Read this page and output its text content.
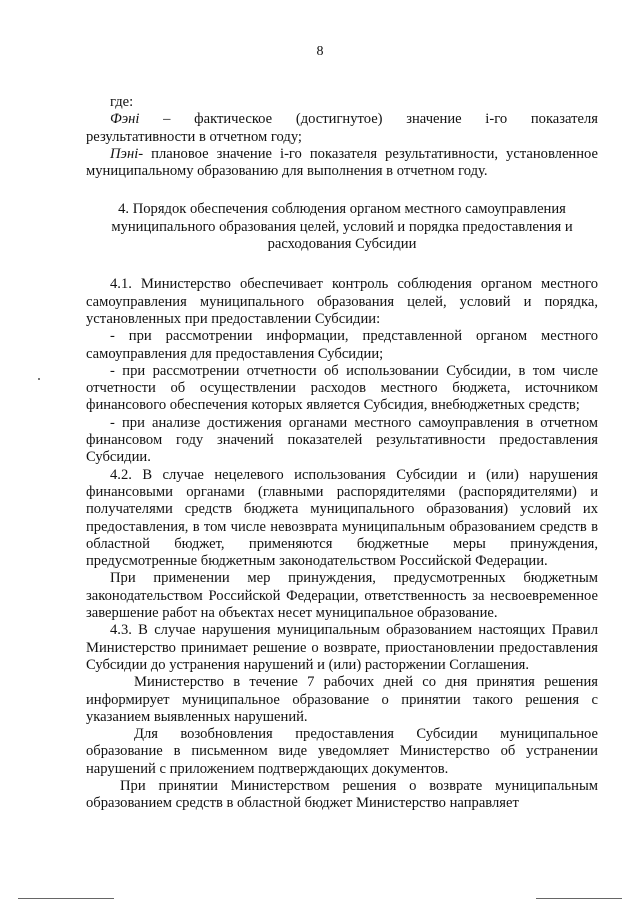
8

где:

Фэнi – фактическое (достигнутое) значение i-го показателя

результативности в отчетном году;

Пэнi- плановое значение i-го показателя результативности, установленное муниципальному образованию для выполнения в отчетном году.

4. Порядок обеспечения соблюдения органом местного самоуправления муниципального образования целей, условий и порядка предоставления и расходования Субсидии

4.1. Министерство обеспечивает контроль соблюдения органом местного самоуправления муниципального образования целей, условий и порядка, установленных при предоставлении Субсидии:

- при рассмотрении информации, представленной органом местного самоуправления для предоставления Субсидии;

- при рассмотрении отчетности об использовании Субсидии, в том числе отчетности об осуществлении расходов местного бюджета, источником финансового обеспечения которых является Субсидия, внебюджетных средств;

- при анализе достижения органами местного самоуправления в отчетном финансовом году значений показателей результативности предоставления Субсидии.

4.2. В случае нецелевого использования Субсидии и (или) нарушения финансовыми органами (главными распорядителями (распорядителями) и получателями средств бюджета муниципального образования) условий их предоставления, в том числе невозврата муниципальным образованием средств в областной бюджет, применяются бюджетные меры принуждения, предусмотренные бюджетным законодательством Российской Федерации.

При применении мер принуждения, предусмотренных бюджетным законодательством Российской Федерации, ответственность за несвоевременное завершение работ на объектах несет муниципальное образование.

4.3. В случае нарушения муниципальным образованием настоящих Правил Министерство принимает решение о возврате, приостановлении предоставления Субсидии до устранения нарушений и (или) расторжении Соглашения.

Министерство в течение 7 рабочих дней со дня принятия решения информирует муниципальное образование о принятии такого решения с указанием выявленных нарушений.

Для возобновления предоставления Субсидии муниципальное образование в письменном виде уведомляет Министерство об устранении нарушений с приложением подтверждающих документов.

При принятии Министерством решения о возврате муниципальным образованием средств в областной бюджет Министерство направляет
